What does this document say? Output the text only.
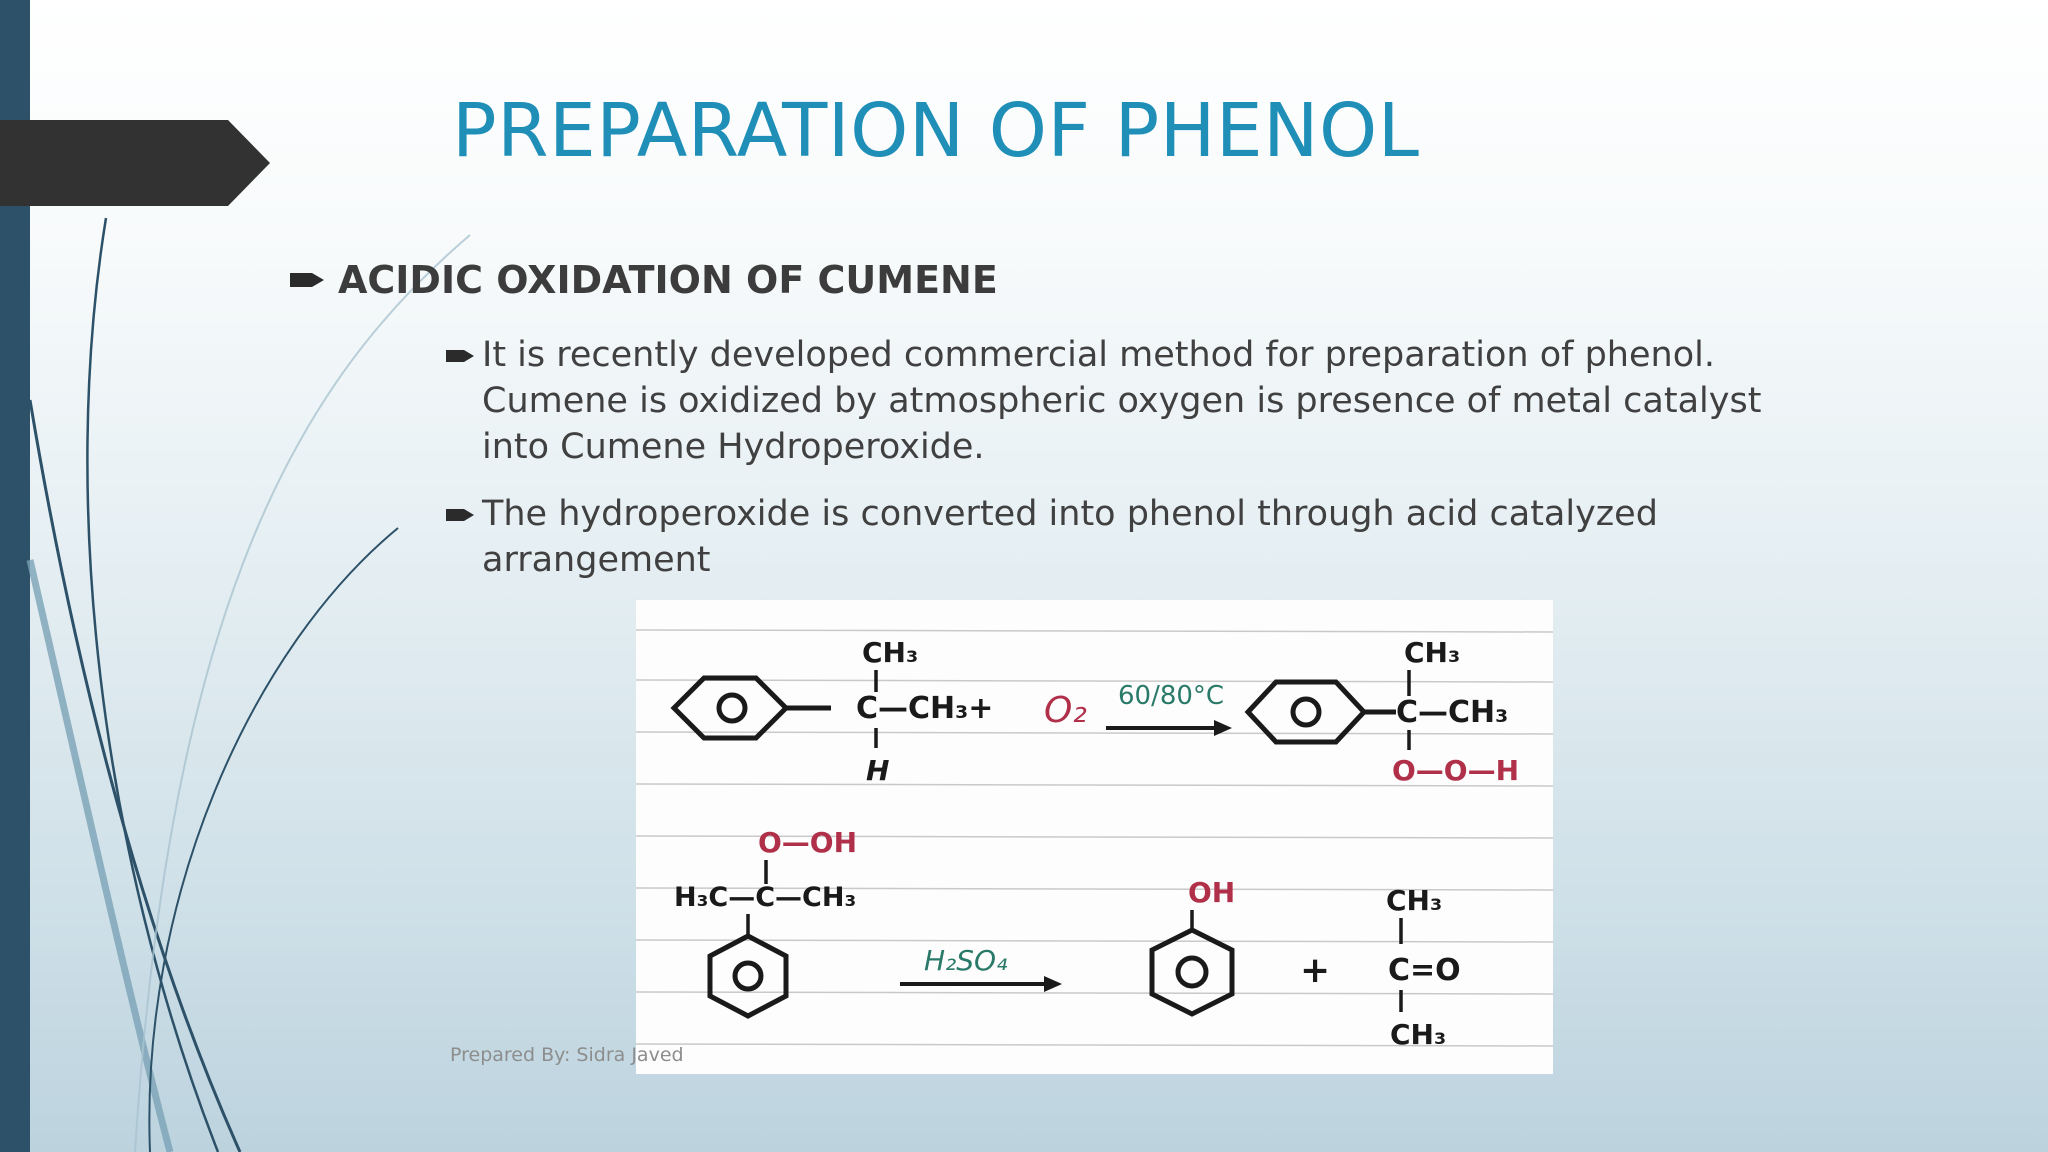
PREPARATION OF PHENOL
ACIDIC OXIDATION OF CUMENE
It is recently developed commercial method for preparation of phenol.
Cumene is oxidized by atmospheric oxygen is presence of metal catalyst
into Cumene Hydroperoxide.
The hydroperoxide is converted into phenol through acid catalyzed
arrangement
CH₃
C—CH₃+
H
O₂ 60/80°C
CH₃
C—CH₃
O—O—H
O—OH
H₃C—C—CH₃
H₂SO₄
OH
+
CH₃
C=O
CH₃
Prepared By: Sidra Javed
